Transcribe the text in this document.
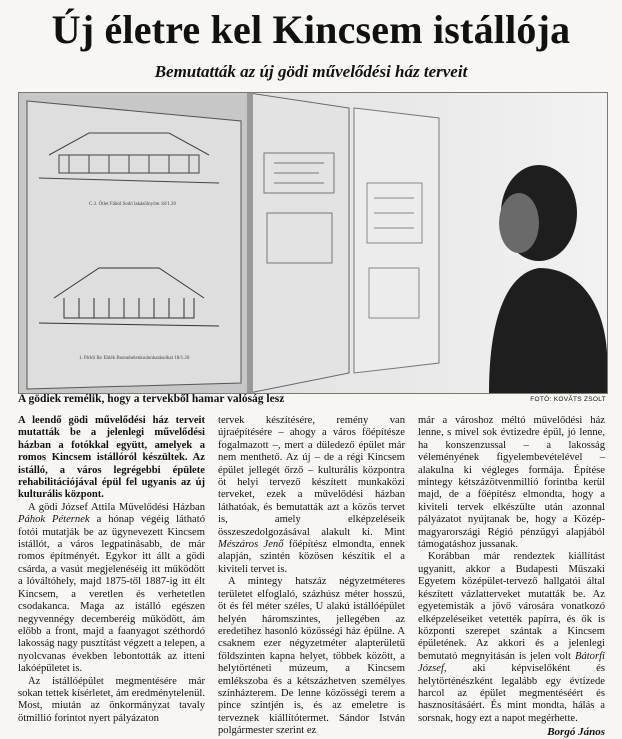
Új életre kel Kincsem istállója
Bemutatták az új gödi művelődési ház terveit
C.3. Ötlet Fából Sodó lakásölnyőm 18/1.20
1. Pirkli Ibr Eblék Boennbelenkodonhatásolhat 18/1.20
A gödiek remélik, hogy a tervekből hamar valóság lesz	FOTÓ: KOVÁTS ZSOLT

A leendő gödi művelődési ház terveit mutatták be a jelenlegi művelődési házban a fotókkal együtt, amelyek a romos Kincsem istállóról készültek. Az istálló, a város legrégebbi épülete rehabilitációjával épül fel ugyanis az új kulturális központ.

A gödi József Attila Művelődési Házban Páhok Péternek a hónap végéig látható fotói mutatják be az ügynevezett Kincsem istállót, a város legpatinásabb, de már romos építményét. Egykor itt állt a gödi csárda, a vasút megjelenéséig itt működött a lóváltóhely, majd 1875-től 1887-ig itt élt Kincsem, a veretlen és verhetetlen csodakanca. Maga az istálló egészen negyvennégy decemberéig működött, ám előbb a front, majd a faanyagot széthordó lakosság nagy pusztítást végzett a telepen, a nyolcvanas években lebontották az itteni lakóépületet is.

Az istállóépület megmentésére már sokan tettek kísérletet, ám eredménytelenül. Most, miután az önkormányzat tavaly ötmillió forintot nyert pályázaton

tervek készítésére, remény van újraépítésére – ahogy a város főépítésze fogalmazott –, mert a düledező épület már nem menthető. Az új – de a régi Kincsem épület jellegét őrző – kulturális központra öt helyi tervező készített munkaközi terveket, ezek a művelődési házban láthatóak, és bemutatták azt a közös tervet is, amely elképzeléseik összeszedolgozásával alakult ki. Mint Mészáros Jenő főépítész elmondta, ennek alapján, szintén közösen készítik el a kiviteli tervet is.

A mintegy hatszáz négyzetméteres területet elfoglaló, százhúsz méter hosszú, öt és fél méter széles, U alakú istállóépület helyén háromszintes, jellegében az eredetihez hasonló közösségi ház épülne. A csaknem ezer négyzetméter alapterületű földszinten kapna helyet, többek között, a helytörténeti múzeum, a Kincsem emlékszoba és a kétszázhetven személyes színházterem. De lenne közösségi terem a pince szintjén is, és az emeletre is terveznek kiállítótermet. Sándor István polgármester szerint ez

már a városhoz méltó művelődési ház lenne, s mivel sok évtizedre épül, jó lenne, ha konszenzussal – a lakosság véleményének figyelembevételével – alakulna ki végleges formája. Építése mintegy kétszázötvenmillió forintba kerül majd, de a főépítész elmondta, hogy a kiviteli tervek elkészülte után azonnal pályázatot nyújtanak be, hogy a Közép-magyarországi Régió pénzügyi alapjából támogatáshoz jussanak.

Korábban már rendeztek kiállítást ugyanitt, akkor a Budapesti Műszaki Egyetem középület-tervező hallgatói által készített vázlatterveket mutatták be. Az egyetemisták a jövő városára vonatkozó elképzeléseiket vetették papírra, és ők is központi szerepet szántak a Kincsem épületének. Az akkori és a jelenlegi bemutató megnyitásán is jelen volt Bátorfi József, aki képviselőként és helytörténészként legalább egy évtizede harcol az épület megmentéséért és hasznosításáért. És mint mondta, hálás a sorsnak, hogy ezt a napot megérhette.

Borgó János
